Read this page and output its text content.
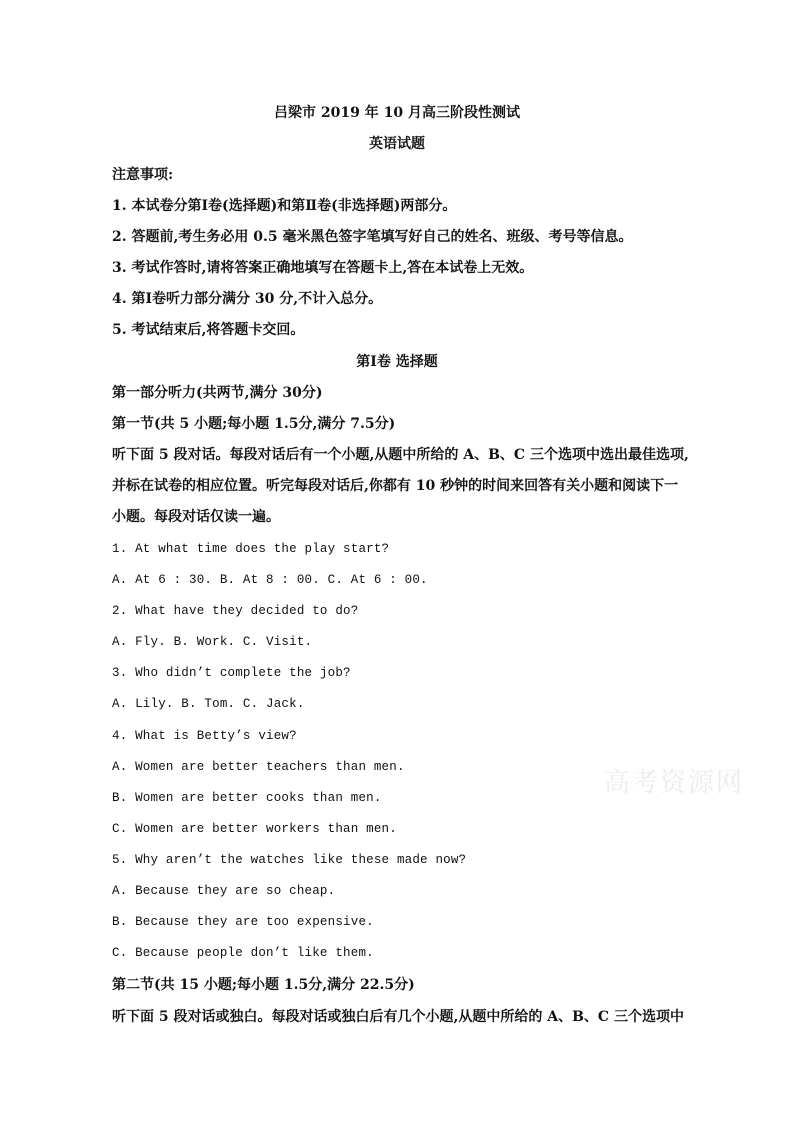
吕梁市 2019 年 10 月高三阶段性测试
英语试题
注意事项:
1. 本试卷分第Ⅰ卷(选择题)和第Ⅱ卷(非选择题)两部分。
2. 答题前,考生务必用 0.5 毫米黑色签字笔填写好自己的姓名、班级、考号等信息。
3. 考试作答时,请将答案正确地填写在答题卡上,答在本试卷上无效。
4. 第Ⅰ卷听力部分满分 30 分,不计入总分。
5. 考试结束后,将答题卡交回。
第Ⅰ卷 选择题
第一部分听力(共两节,满分 30分)
第一节(共 5 小题;每小题 1.5分,满分 7.5分)
听下面 5 段对话。每段对话后有一个小题,从题中所给的 A、B、C 三个选项中选出最佳选项,
并标在试卷的相应位置。听完每段对话后,你都有 10 秒钟的时间来回答有关小题和阅读下一
小题。每段对话仅读一遍。
1. At what time does the play start?
A. At 6 : 30. B. At 8 : 00. C. At 6 : 00.
2. What have they decided to do?
A. Fly. B. Work. C. Visit.
3. Who didn’t complete the job?
A. Lily. B. Tom. C. Jack.
4. What is Betty’s view?
A. Women are better teachers than men.
B. Women are better cooks than men.
C. Women are better workers than men.
5. Why aren’t the watches like these made now?
A. Because they are so cheap.
B. Because they are too expensive.
C. Because people don’t like them.
第二节(共 15 小题;每小题 1.5分,满分 22.5分)
听下面 5 段对话或独白。每段对话或独白后有几个小题,从题中所给的 A、B、C 三个选项中
高考资源网
